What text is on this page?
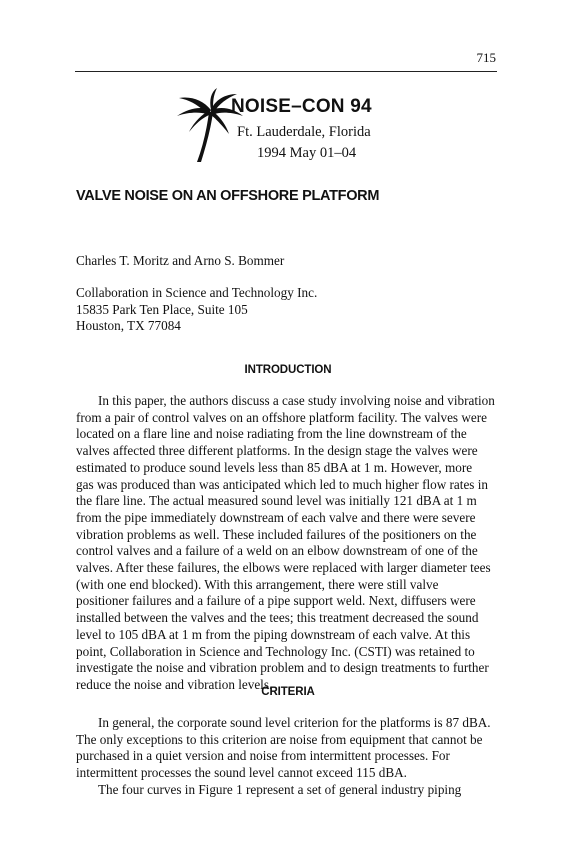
715
NOISE–CON 94
Ft. Lauderdale, Florida
1994 May 01–04
VALVE NOISE ON AN OFFSHORE PLATFORM
Charles T. Moritz and Arno S. Bommer
Collaboration in Science and Technology Inc.
15835 Park Ten Place, Suite 105
Houston, TX 77084
INTRODUCTION
In this paper, the authors discuss a case study involving noise and vibration
from a pair of control valves on an offshore platform facility. The valves were
located on a flare line and noise radiating from the line downstream of the
valves affected three different platforms. In the design stage the valves were
estimated to produce sound levels less than 85 dBA at 1 m. However, more
gas was produced than was anticipated which led to much higher flow rates in
the flare line. The actual measured sound level was initially 121 dBA at 1 m
from the pipe immediately downstream of each valve and there were severe
vibration problems as well. These included failures of the positioners on the
control valves and a failure of a weld on an elbow downstream of one of the
valves. After these failures, the elbows were replaced with larger diameter tees
(with one end blocked). With this arrangement, there were still valve
positioner failures and a failure of a pipe support weld. Next, diffusers were
installed between the valves and the tees; this treatment decreased the sound
level to 105 dBA at 1 m from the piping downstream of each valve. At this
point, Collaboration in Science and Technology Inc. (CSTI) was retained to
investigate the noise and vibration problem and to design treatments to further
reduce the noise and vibration levels.
CRITERIA
In general, the corporate sound level criterion for the platforms is 87 dBA.
The only exceptions to this criterion are noise from equipment that cannot be
purchased in a quiet version and noise from intermittent processes. For
intermittent processes the sound level cannot exceed 115 dBA.
The four curves in Figure 1 represent a set of general industry piping
